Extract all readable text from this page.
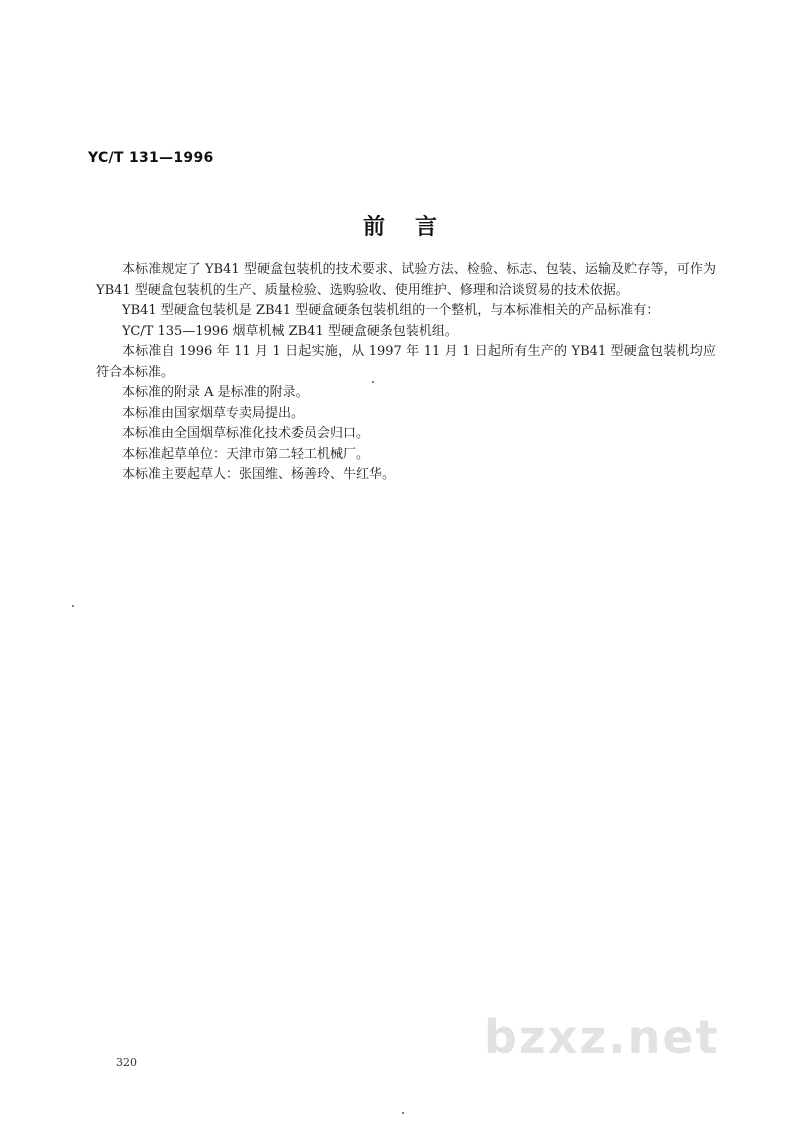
YC/T 131—1996
前言

本标准规定了 YB41 型硬盒包装机的技术要求、试验方法、检验、标志、包装、运输及贮存等，可作为 YB41 型硬盒包装机的生产、质量检验、选购验收、使用维护、修理和洽谈贸易的技术依据。

YB41 型硬盒包装机是 ZB41 型硬盒硬条包装机组的一个整机，与本标准相关的产品标准有：

YC/T 135—1996 烟草机械 ZB41 型硬盒硬条包装机组。

本标准自 1996 年 11 月 1 日起实施，从 1997 年 11 月 1 日起所有生产的 YB41 型硬盒包装机均应符合本标准。

本标准的附录 A 是标准的附录。

本标准由国家烟草专卖局提出。

本标准由全国烟草标准化技术委员会归口。

本标准起草单位：天津市第二轻工机械厂。

本标准主要起草人：张国维、杨善玲、牛红华。

320	bzxz.net
